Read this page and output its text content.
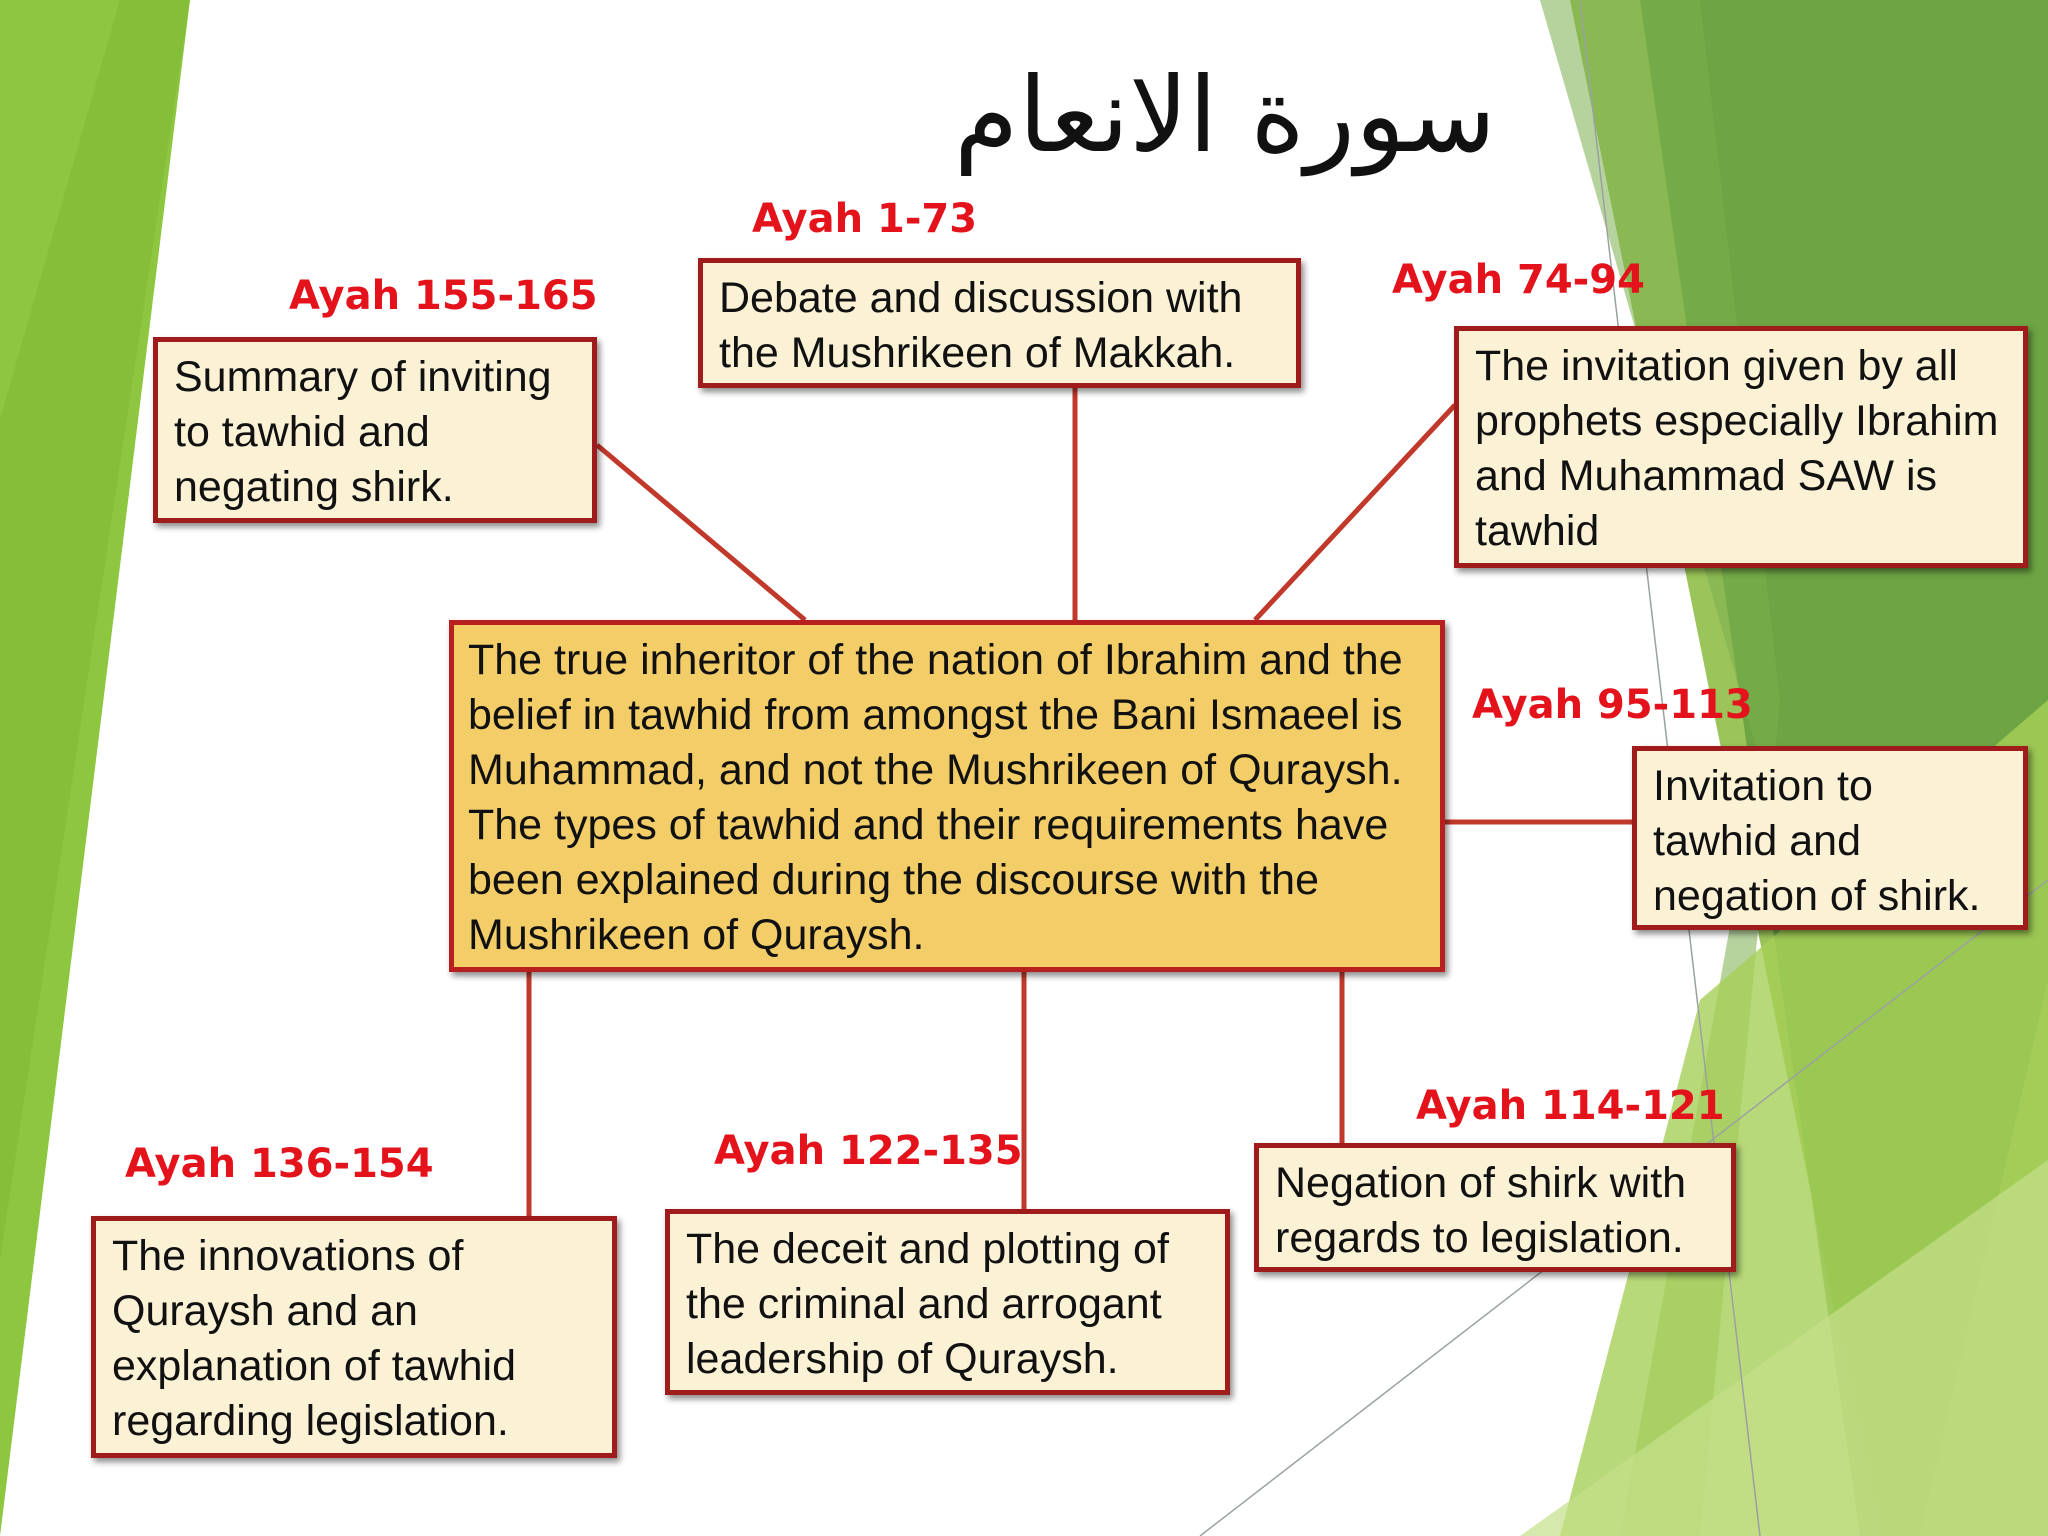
سورة الانعام
Ayah 155-165
Ayah 1-73
Ayah 74-94
Ayah 95-113
Ayah 114-121
Ayah 122-135
Ayah 136-154
Summary of inviting to tawhid and negating shirk.
Debate and discussion with the Mushrikeen of Makkah.	The invitation given by all prophets especially Ibrahim and Muhammad SAW is tawhid
The true inheritor of the nation of Ibrahim and the belief in tawhid from amongst the Bani Ismaeel is Muhammad, and not the Mushrikeen of Quraysh. The types of tawhid and their requirements have been explained during the discourse with the Mushrikeen of Quraysh.
Invitation to tawhid and negation of shirk.
Negation of shirk with regards to legislation.
The deceit and plotting of the criminal and arrogant leadership of Quraysh.
The innovations of Quraysh and an explanation of tawhid regarding legislation.
